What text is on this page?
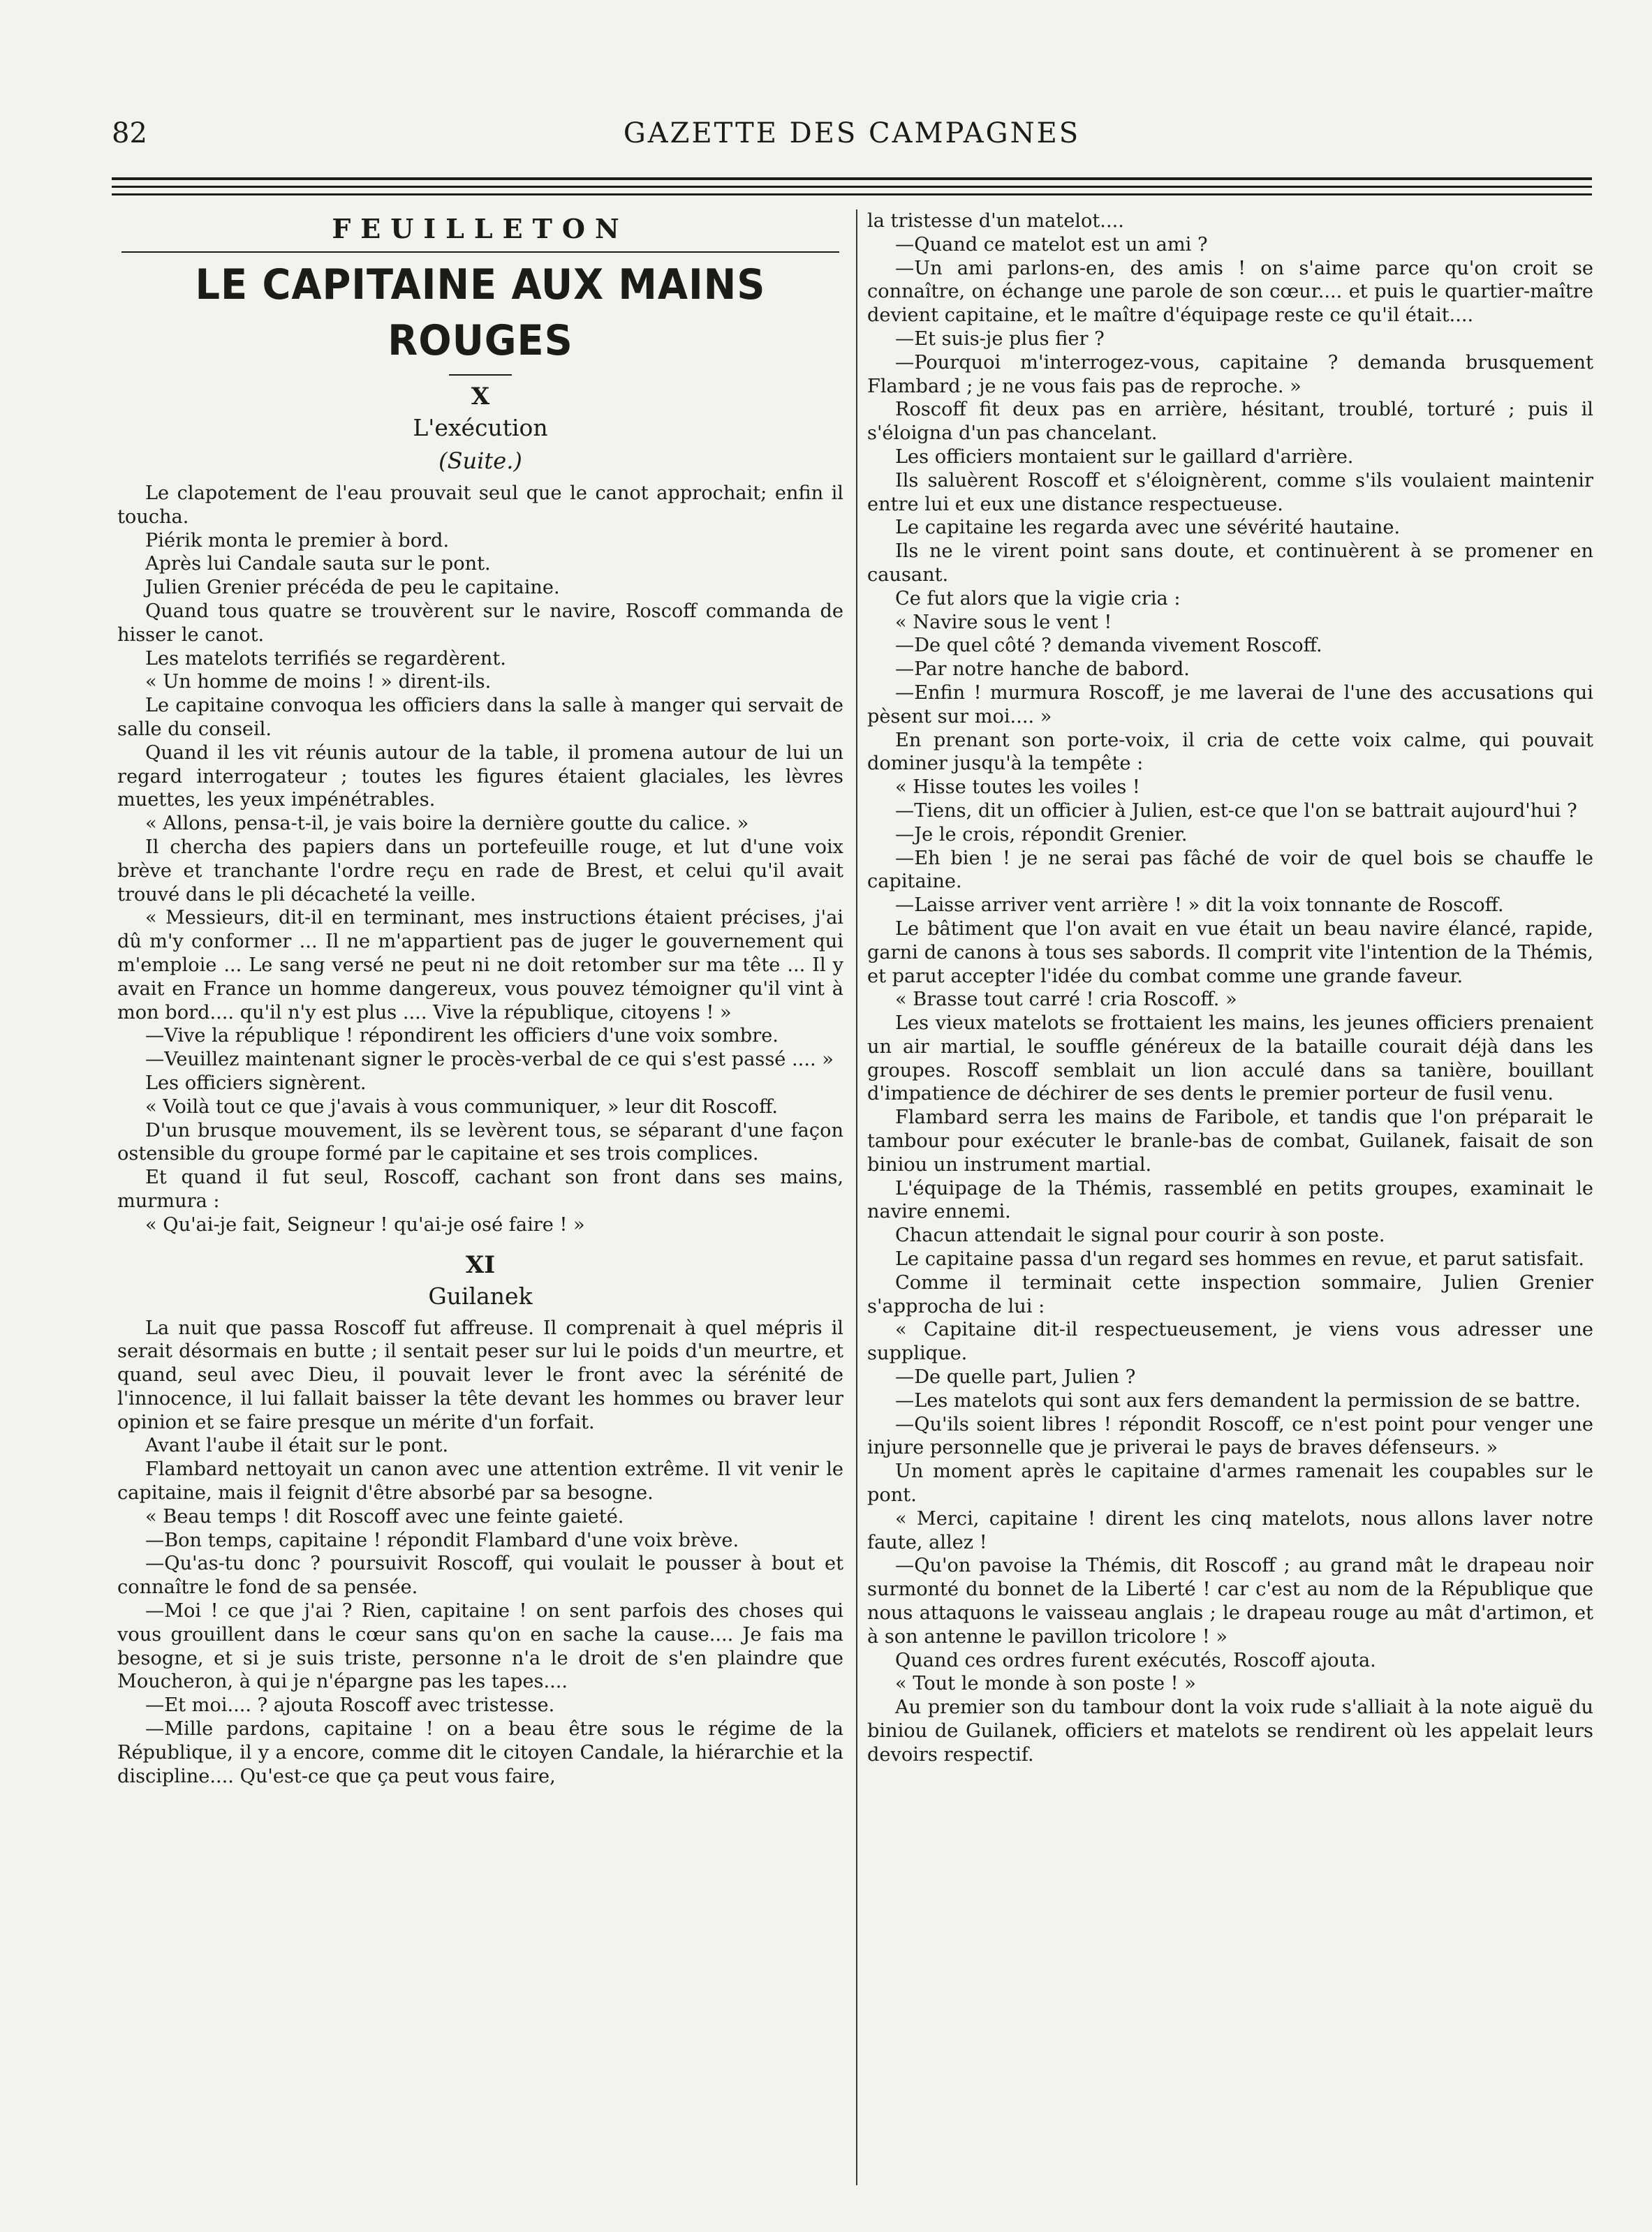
82	GAZETTE DES CAMPAGNES
FEUILLETON
LE CAPITAINE AUX MAINS ROUGES
X
L'exécution
(Suite.)

Le clapotement de l'eau prouvait seul que le canot approchait; enfin il toucha.

Piérik monta le premier à bord.

Après lui Candale sauta sur le pont.

Julien Grenier précéda de peu le capitaine.

Quand tous quatre se trouvèrent sur le navire, Roscoff commanda de hisser le canot.

Les matelots terrifiés se regardèrent.

« Un homme de moins ! » dirent-ils.

Le capitaine convoqua les officiers dans la salle à manger qui servait de salle du conseil.

Quand il les vit réunis autour de la table, il promena autour de lui un regard interrogateur ; toutes les figures étaient glaciales, les lèvres muettes, les yeux impénétrables.

« Allons, pensa-t-il, je vais boire la dernière goutte du calice. »

Il chercha des papiers dans un portefeuille rouge, et lut d'une voix brève et tranchante l'ordre reçu en rade de Brest, et celui qu'il avait trouvé dans le pli décacheté la veille.

« Messieurs, dit-il en terminant, mes instructions étaient précises, j'ai dû m'y conformer ... Il ne m'appartient pas de juger le gouvernement qui m'emploie ... Le sang versé ne peut ni ne doit retomber sur ma tête ... Il y avait en France un homme dangereux, vous pouvez témoigner qu'il vint à mon bord.... qu'il n'y est plus .... Vive la république, citoyens ! »

—Vive la république ! répondirent les officiers d'une voix sombre.

—Veuillez maintenant signer le procès-verbal de ce qui s'est passé .... »

Les officiers signèrent.

« Voilà tout ce que j'avais à vous communiquer, » leur dit Roscoff.

D'un brusque mouvement, ils se levèrent tous, se séparant d'une façon ostensible du groupe formé par le capitaine et ses trois complices.

Et quand il fut seul, Roscoff, cachant son front dans ses mains, murmura :

« Qu'ai-je fait, Seigneur ! qu'ai-je osé faire ! »

XI
Guilanek

La nuit que passa Roscoff fut affreuse. Il comprenait à quel mépris il serait désormais en butte ; il sentait peser sur lui le poids d'un meurtre, et quand, seul avec Dieu, il pouvait lever le front avec la sérénité de l'innocence, il lui fallait baisser la tête devant les hommes ou braver leur opinion et se faire presque un mérite d'un forfait.

Avant l'aube il était sur le pont.

Flambard nettoyait un canon avec une attention extrême. Il vit venir le capitaine, mais il feignit d'être absorbé par sa besogne.

« Beau temps ! dit Roscoff avec une feinte gaieté.

—Bon temps, capitaine ! répondit Flambard d'une voix brève.

—Qu'as-tu donc ? poursuivit Roscoff, qui voulait le pousser à bout et connaître le fond de sa pensée.

—Moi ! ce que j'ai ? Rien, capitaine ! on sent parfois des choses qui vous grouillent dans le cœur sans qu'on en sache la cause.... Je fais ma besogne, et si je suis triste, personne n'a le droit de s'en plaindre que Moucheron, à qui je n'épargne pas les tapes....

—Et moi.... ? ajouta Roscoff avec tristesse.

—Mille pardons, capitaine ! on a beau être sous le régime de la République, il y a encore, comme dit le citoyen Candale, la hiérarchie et la discipline.... Qu'est-ce que ça peut vous faire,

la tristesse d'un matelot....

—Quand ce matelot est un ami ?

—Un ami parlons-en, des amis ! on s'aime parce qu'on croit se connaître, on échange une parole de son cœur.... et puis le quartier-maître devient capitaine, et le maître d'équipage reste ce qu'il était....

—Et suis-je plus fier ?

—Pourquoi m'interrogez-vous, capitaine ? demanda brusquement Flambard ; je ne vous fais pas de reproche. »

Roscoff fit deux pas en arrière, hésitant, troublé, torturé ; puis il s'éloigna d'un pas chancelant.

Les officiers montaient sur le gaillard d'arrière.

Ils saluèrent Roscoff et s'éloignèrent, comme s'ils voulaient maintenir entre lui et eux une distance respectueuse.

Le capitaine les regarda avec une sévérité hautaine.

Ils ne le virent point sans doute, et continuèrent à se promener en causant.

Ce fut alors que la vigie cria :

« Navire sous le vent !

—De quel côté ? demanda vivement Roscoff.

—Par notre hanche de babord.

—Enfin ! murmura Roscoff, je me laverai de l'une des accusations qui pèsent sur moi.... »

En prenant son porte-voix, il cria de cette voix calme, qui pouvait dominer jusqu'à la tempête :

« Hisse toutes les voiles !

—Tiens, dit un officier à Julien, est-ce que l'on se battrait aujourd'hui ?

—Je le crois, répondit Grenier.

—Eh bien ! je ne serai pas fâché de voir de quel bois se chauffe le capitaine.

—Laisse arriver vent arrière ! » dit la voix tonnante de Roscoff.

Le bâtiment que l'on avait en vue était un beau navire élancé, rapide, garni de canons à tous ses sabords. Il comprit vite l'intention de la Thémis, et parut accepter l'idée du combat comme une grande faveur.

« Brasse tout carré ! cria Roscoff. »

Les vieux matelots se frottaient les mains, les jeunes officiers prenaient un air martial, le souffle généreux de la bataille courait déjà dans les groupes. Roscoff semblait un lion acculé dans sa tanière, bouillant d'impatience de déchirer de ses dents le premier porteur de fusil venu.

Flambard serra les mains de Faribole, et tandis que l'on préparait le tambour pour exécuter le branle-bas de combat, Guilanek, faisait de son biniou un instrument martial.

L'équipage de la Thémis, rassemblé en petits groupes, examinait le navire ennemi.

Chacun attendait le signal pour courir à son poste.

Le capitaine passa d'un regard ses hommes en revue, et parut satisfait.

Comme il terminait cette inspection sommaire, Julien Grenier s'approcha de lui :

« Capitaine dit-il respectueusement, je viens vous adresser une supplique.

—De quelle part, Julien ?

—Les matelots qui sont aux fers demandent la permission de se battre.

—Qu'ils soient libres ! répondit Roscoff, ce n'est point pour venger une injure personnelle que je priverai le pays de braves défenseurs. »

Un moment après le capitaine d'armes ramenait les coupables sur le pont.

« Merci, capitaine ! dirent les cinq matelots, nous allons laver notre faute, allez !

—Qu'on pavoise la Thémis, dit Roscoff ; au grand mât le drapeau noir surmonté du bonnet de la Liberté ! car c'est au nom de la République que nous attaquons le vaisseau anglais ; le drapeau rouge au mât d'artimon, et à son antenne le pavillon tricolore ! »

Quand ces ordres furent exécutés, Roscoff ajouta.

« Tout le monde à son poste ! »

Au premier son du tambour dont la voix rude s'alliait à la note aiguë du biniou de Guilanek, officiers et matelots se rendirent où les appelait leurs devoirs respectif.
